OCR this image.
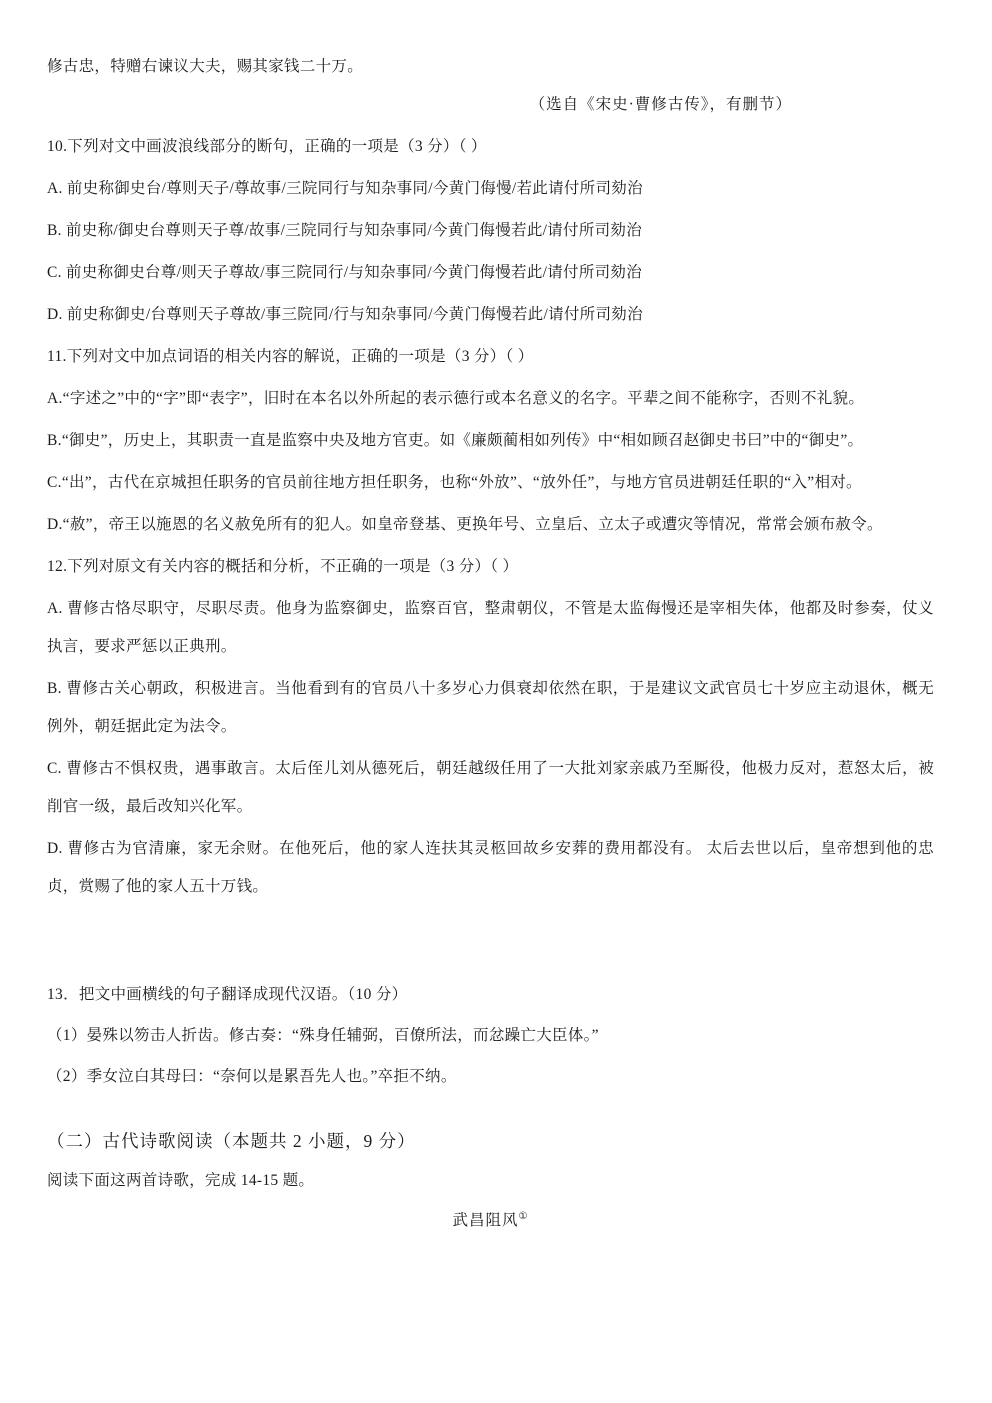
修古忠，特赠右谏议大夫，赐其家钱二十万。

（选自《宋史·曹修古传》，有删节）

10.下列对文中画波浪线部分的断句，正确的一项是（3 分）（ ）

A. 前史称御史台/尊则天子/尊故事/三院同行与知杂事同/今黄门侮慢/若此请付所司劾治

B. 前史称/御史台尊则天子尊/故事/三院同行与知杂事同/今黄门侮慢若此/请付所司劾治

C. 前史称御史台尊/则天子尊故/事三院同行/与知杂事同/今黄门侮慢若此/请付所司劾治

D. 前史称御史/台尊则天子尊故/事三院同/行与知杂事同/今黄门侮慢若此/请付所司劾治

11.下列对文中加点词语的相关内容的解说，正确的一项是（3 分）（ ）

A.“字述之”中的“字”即“表字”，旧时在本名以外所起的表示德行或本名意义的名字。平辈之间不能称字，否则不礼貌。

B.“御史”，历史上，其职责一直是监察中央及地方官吏。如《廉颇蔺相如列传》中“相如顾召赵御史书曰”中的“御史”。

C.“出”，古代在京城担任职务的官员前往地方担任职务，也称“外放”、“放外任”，与地方官员进朝廷任职的“入”相对。

D.“赦”，帝王以施恩的名义赦免所有的犯人。如皇帝登基、更换年号、立皇后、立太子或遭灾等情况，常常会颁布赦令。

12.下列对原文有关内容的概括和分析，不正确的一项是（3 分）（ ）

A. 曹修古恪尽职守，尽职尽责。他身为监察御史，监察百官，整肃朝仪，不管是太监侮慢还是宰相失体，他都及时参奏，仗义执言，要求严惩以正典刑。

B. 曹修古关心朝政，积极进言。当他看到有的官员八十多岁心力俱衰却依然在职，于是建议文武官员七十岁应主动退休，概无例外，朝廷据此定为法令。

C. 曹修古不惧权贵，遇事敢言。太后侄儿刘从德死后，朝廷越级任用了一大批刘家亲戚乃至厮役，他极力反对，惹怒太后，被削官一级，最后改知兴化军。

D. 曹修古为官清廉，家无余财。在他死后，他的家人连扶其灵柩回故乡安葬的费用都没有。 太后去世以后，皇帝想到他的忠贞，赏赐了他的家人五十万钱。

13．把文中画横线的句子翻译成现代汉语。（10 分）

（1）晏殊以笏击人折齿。修古奏：“殊身任辅弼，百僚所法，而忿躁亡大臣体。”

（2）季女泣白其母曰：“奈何以是累吾先人也。”卒拒不纳。

（二）古代诗歌阅读（本题共 2 小题，9 分）

阅读下面这两首诗歌，完成 14-15 题。

武昌阻风①
